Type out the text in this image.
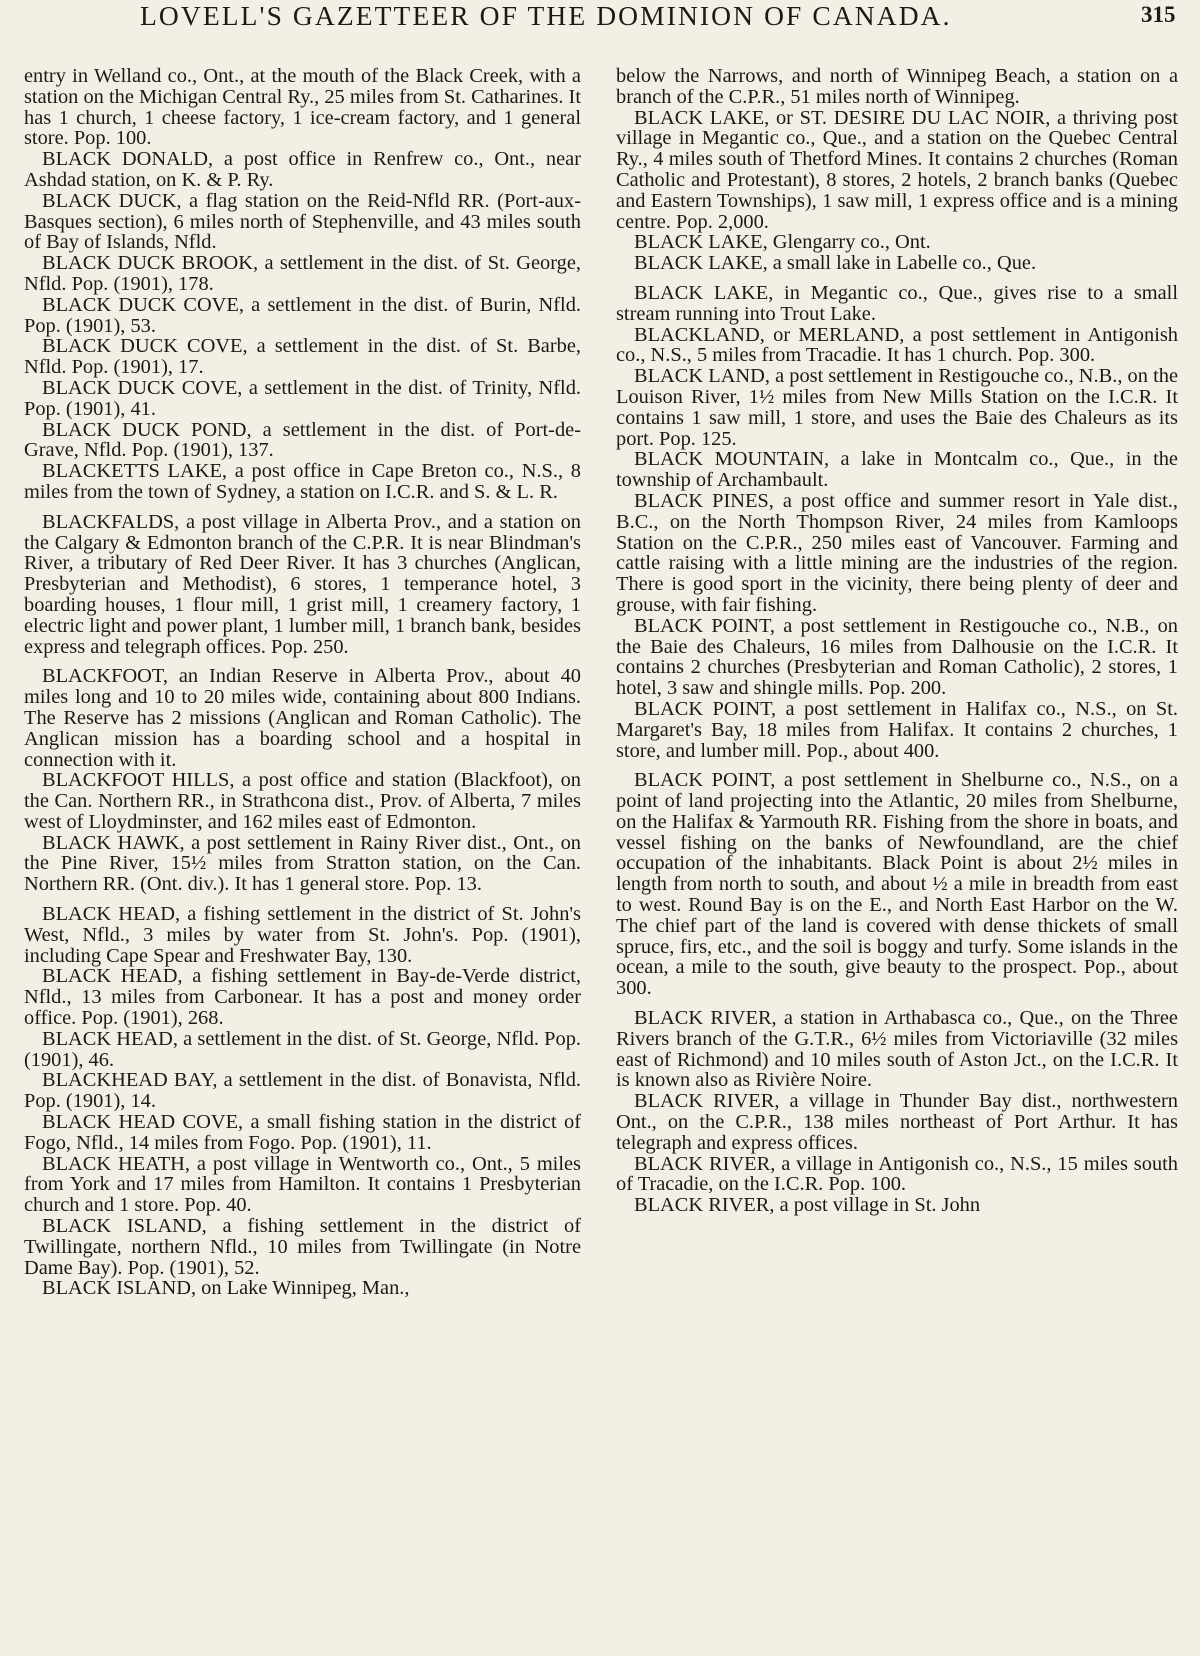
LOVELL'S GAZETTEER OF THE DOMINION OF CANADA.	315

entry in Welland co., Ont., at the mouth of the Black Creek, with a station on the Michigan Central Ry., 25 miles from St. Catharines. It has 1 church, 1 cheese factory, 1 ice-cream factory, and 1 general store. Pop. 100.

BLACK DONALD, a post office in Renfrew co., Ont., near Ashdad station, on K. & P. Ry.

BLACK DUCK, a flag station on the Reid-Nfld RR. (Port-aux-Basques section), 6 miles north of Stephenville, and 43 miles south of Bay of Islands, Nfld.

BLACK DUCK BROOK, a settlement in the dist. of St. George, Nfld. Pop. (1901), 178.

BLACK DUCK COVE, a settlement in the dist. of Burin, Nfld. Pop. (1901), 53.

BLACK DUCK COVE, a settlement in the dist. of St. Barbe, Nfld. Pop. (1901), 17.

BLACK DUCK COVE, a settlement in the dist. of Trinity, Nfld. Pop. (1901), 41.

BLACK DUCK POND, a settlement in the dist. of Port-de-Grave, Nfld. Pop. (1901), 137.

BLACKETTS LAKE, a post office in Cape Breton co., N.S., 8 miles from the town of Sydney, a station on I.C.R. and S. & L. R.

BLACKFALDS, a post village in Alberta Prov., and a station on the Calgary & Edmonton branch of the C.P.R. It is near Blindman's River, a tributary of Red Deer River. It has 3 churches (Anglican, Presbyterian and Methodist), 6 stores, 1 temperance hotel, 3 boarding houses, 1 flour mill, 1 grist mill, 1 creamery factory, 1 electric light and power plant, 1 lumber mill, 1 branch bank, besides express and telegraph offices. Pop. 250.

BLACKFOOT, an Indian Reserve in Alberta Prov., about 40 miles long and 10 to 20 miles wide, containing about 800 Indians. The Reserve has 2 missions (Anglican and Roman Catholic). The Anglican mission has a boarding school and a hospital in connection with it.

BLACKFOOT HILLS, a post office and station (Blackfoot), on the Can. Northern RR., in Strathcona dist., Prov. of Alberta, 7 miles west of Lloydminster, and 162 miles east of Edmonton.

BLACK HAWK, a post settlement in Rainy River dist., Ont., on the Pine River, 15½ miles from Stratton station, on the Can. Northern RR. (Ont. div.). It has 1 general store. Pop. 13.

BLACK HEAD, a fishing settlement in the district of St. John's West, Nfld., 3 miles by water from St. John's. Pop. (1901), including Cape Spear and Freshwater Bay, 130.

BLACK HEAD, a fishing settlement in Bay-de-Verde district, Nfld., 13 miles from Carbonear. It has a post and money order office. Pop. (1901), 268.

BLACK HEAD, a settlement in the dist. of St. George, Nfld. Pop. (1901), 46.

BLACKHEAD BAY, a settlement in the dist. of Bonavista, Nfld. Pop. (1901), 14.

BLACK HEAD COVE, a small fishing station in the district of Fogo, Nfld., 14 miles from Fogo. Pop. (1901), 11.

BLACK HEATH, a post village in Wentworth co., Ont., 5 miles from York and 17 miles from Hamilton. It contains 1 Presbyterian church and 1 store. Pop. 40.

BLACK ISLAND, a fishing settlement in the district of Twillingate, northern Nfld., 10 miles from Twillingate (in Notre Dame Bay). Pop. (1901), 52.

BLACK ISLAND, on Lake Winnipeg, Man.,

below the Narrows, and north of Winnipeg Beach, a station on a branch of the C.P.R., 51 miles north of Winnipeg.

BLACK LAKE, or ST. DESIRE DU LAC NOIR, a thriving post village in Megantic co., Que., and a station on the Quebec Central Ry., 4 miles south of Thetford Mines. It contains 2 churches (Roman Catholic and Protestant), 8 stores, 2 hotels, 2 branch banks (Quebec and Eastern Townships), 1 saw mill, 1 express office and is a mining centre. Pop. 2,000.

BLACK LAKE, Glengarry co., Ont.

BLACK LAKE, a small lake in Labelle co., Que.

BLACK LAKE, in Megantic co., Que., gives rise to a small stream running into Trout Lake.

BLACKLAND, or MERLAND, a post settlement in Antigonish co., N.S., 5 miles from Tracadie. It has 1 church. Pop. 300.

BLACK LAND, a post settlement in Restigouche co., N.B., on the Louison River, 1½ miles from New Mills Station on the I.C.R. It contains 1 saw mill, 1 store, and uses the Baie des Chaleurs as its port. Pop. 125.

BLACK MOUNTAIN, a lake in Montcalm co., Que., in the township of Archambault.

BLACK PINES, a post office and summer resort in Yale dist., B.C., on the North Thompson River, 24 miles from Kamloops Station on the C.P.R., 250 miles east of Vancouver. Farming and cattle raising with a little mining are the industries of the region. There is good sport in the vicinity, there being plenty of deer and grouse, with fair fishing.

BLACK POINT, a post settlement in Restigouche co., N.B., on the Baie des Chaleurs, 16 miles from Dalhousie on the I.C.R. It contains 2 churches (Presbyterian and Roman Catholic), 2 stores, 1 hotel, 3 saw and shingle mills. Pop. 200.

BLACK POINT, a post settlement in Halifax co., N.S., on St. Margaret's Bay, 18 miles from Halifax. It contains 2 churches, 1 store, and lumber mill. Pop., about 400.

BLACK POINT, a post settlement in Shelburne co., N.S., on a point of land projecting into the Atlantic, 20 miles from Shelburne, on the Halifax & Yarmouth RR. Fishing from the shore in boats, and vessel fishing on the banks of Newfoundland, are the chief occupation of the inhabitants. Black Point is about 2½ miles in length from north to south, and about ½ a mile in breadth from east to west. Round Bay is on the E., and North East Harbor on the W. The chief part of the land is covered with dense thickets of small spruce, firs, etc., and the soil is boggy and turfy. Some islands in the ocean, a mile to the south, give beauty to the prospect. Pop., about 300.

BLACK RIVER, a station in Arthabasca co., Que., on the Three Rivers branch of the G.T.R., 6½ miles from Victoriaville (32 miles east of Richmond) and 10 miles south of Aston Jct., on the I.C.R. It is known also as Rivière Noire.

BLACK RIVER, a village in Thunder Bay dist., northwestern Ont., on the C.P.R., 138 miles northeast of Port Arthur. It has telegraph and express offices.

BLACK RIVER, a village in Antigonish co., N.S., 15 miles south of Tracadie, on the I.C.R. Pop. 100.

BLACK RIVER, a post village in St. John
